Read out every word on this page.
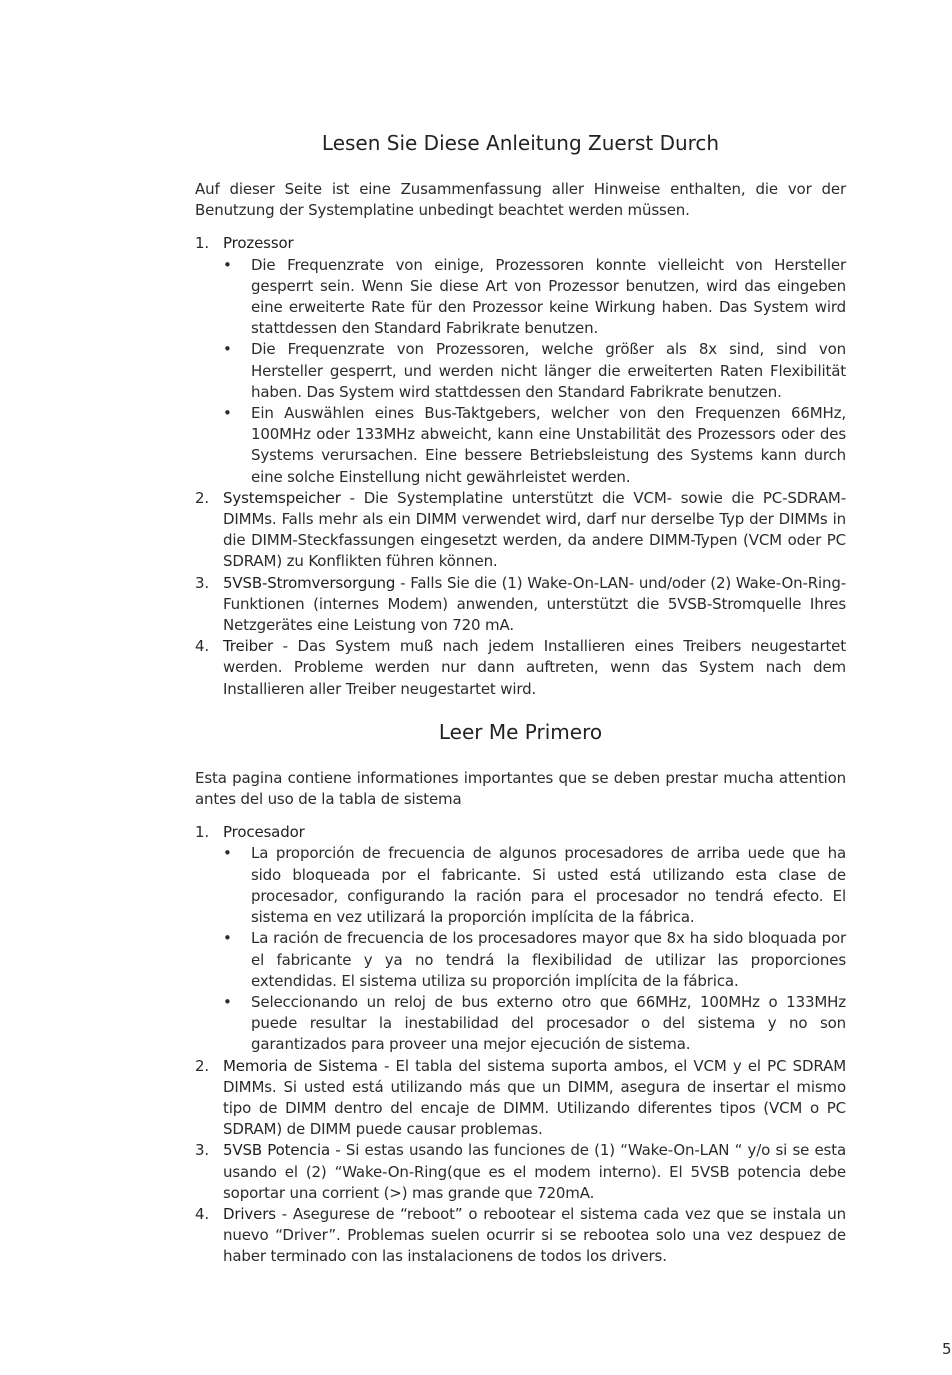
Lesen Sie Diese Anleitung Zuerst Durch

Auf dieser Seite ist eine Zusammenfassung aller Hinweise enthalten, die vor der Benutzung der Systemplatine unbedingt beachtet werden müssen.

1. Prozessor
• Die Frequenzrate von einige, Prozessoren konnte vielleicht von Hersteller gesperrt sein. Wenn Sie diese Art von Prozessor benutzen, wird das eingeben eine erweiterte Rate für den Prozessor keine Wirkung haben. Das System wird stattdessen den Standard Fabrikrate benutzen.
• Die Frequenzrate von Prozessoren, welche größer als 8x sind, sind von Hersteller gesperrt, und werden nicht länger die erweiterten Raten Flexibilität haben. Das System wird stattdessen den Standard Fabrikrate benutzen.
• Ein Auswählen eines Bus-Taktgebers, welcher von den Frequenzen 66MHz, 100MHz oder 133MHz abweicht, kann eine Unstabilität des Prozessors oder des Systems verursachen. Eine bessere Betriebsleistung des Systems kann durch eine solche Einstellung nicht gewährleistet werden.
2. Systemspeicher - Die Systemplatine unterstützt die VCM- sowie die PC-SDRAM-DIMMs. Falls mehr als ein DIMM verwendet wird, darf nur derselbe Typ der DIMMs in die DIMM-Steckfassungen eingesetzt werden, da andere DIMM-Typen (VCM oder PC SDRAM) zu Konflikten führen können.
3. 5VSB-Stromversorgung - Falls Sie die (1) Wake-On-LAN- und/oder (2) Wake-On-Ring-Funktionen (internes Modem) anwenden, unterstützt die 5VSB-Stromquelle Ihres Netzgerätes eine Leistung von 720 mA.
4. Treiber - Das System muß nach jedem Installieren eines Treibers neugestartet werden. Probleme werden nur dann auftreten, wenn das System nach dem Installieren aller Treiber neugestartet wird.
Leer Me Primero

Esta pagina contiene informationes importantes que se deben prestar mucha attention antes del uso de la tabla de sistema

1. Procesador
• La proporción de frecuencia de algunos procesadores de arriba uede que ha sido bloqueada por el fabricante. Si usted está utilizando esta clase de procesador, configurando la ración para el procesador no tendrá efecto. El sistema en vez utilizará la proporción implícita de la fábrica.
• La ración de frecuencia de los procesadores mayor que 8x ha sido bloquada por el fabricante y ya no tendrá la flexibilidad de utilizar las proporciones extendidas. El sistema utiliza su proporción implícita de la fábrica.
• Seleccionando un reloj de bus externo otro que 66MHz, 100MHz o 133MHz puede resultar la inestabilidad del procesador o del sistema y no son garantizados para proveer una mejor ejecución de sistema.
2. Memoria de Sistema - El tabla del sistema suporta ambos, el VCM y el PC SDRAM DIMMs. Si usted está utilizando más que un DIMM, asegura de insertar el mismo tipo de DIMM dentro del encaje de DIMM. Utilizando diferentes tipos (VCM o PC SDRAM) de DIMM puede causar problemas.
3. 5VSB Potencia - Si estas usando las funciones de (1) “Wake-On-LAN “ y/o si se esta usando el (2) “Wake-On-Ring(que es el modem interno). El 5VSB potencia debe soportar una corrient (>) mas grande que 720mA.
4. Drivers - Asegurese de “reboot” o rebootear el sistema cada vez que se instala un nuevo “Driver”. Problemas suelen ocurrir si se rebootea solo una vez despuez de haber terminado con las instalacionens de todos los drivers.
5
